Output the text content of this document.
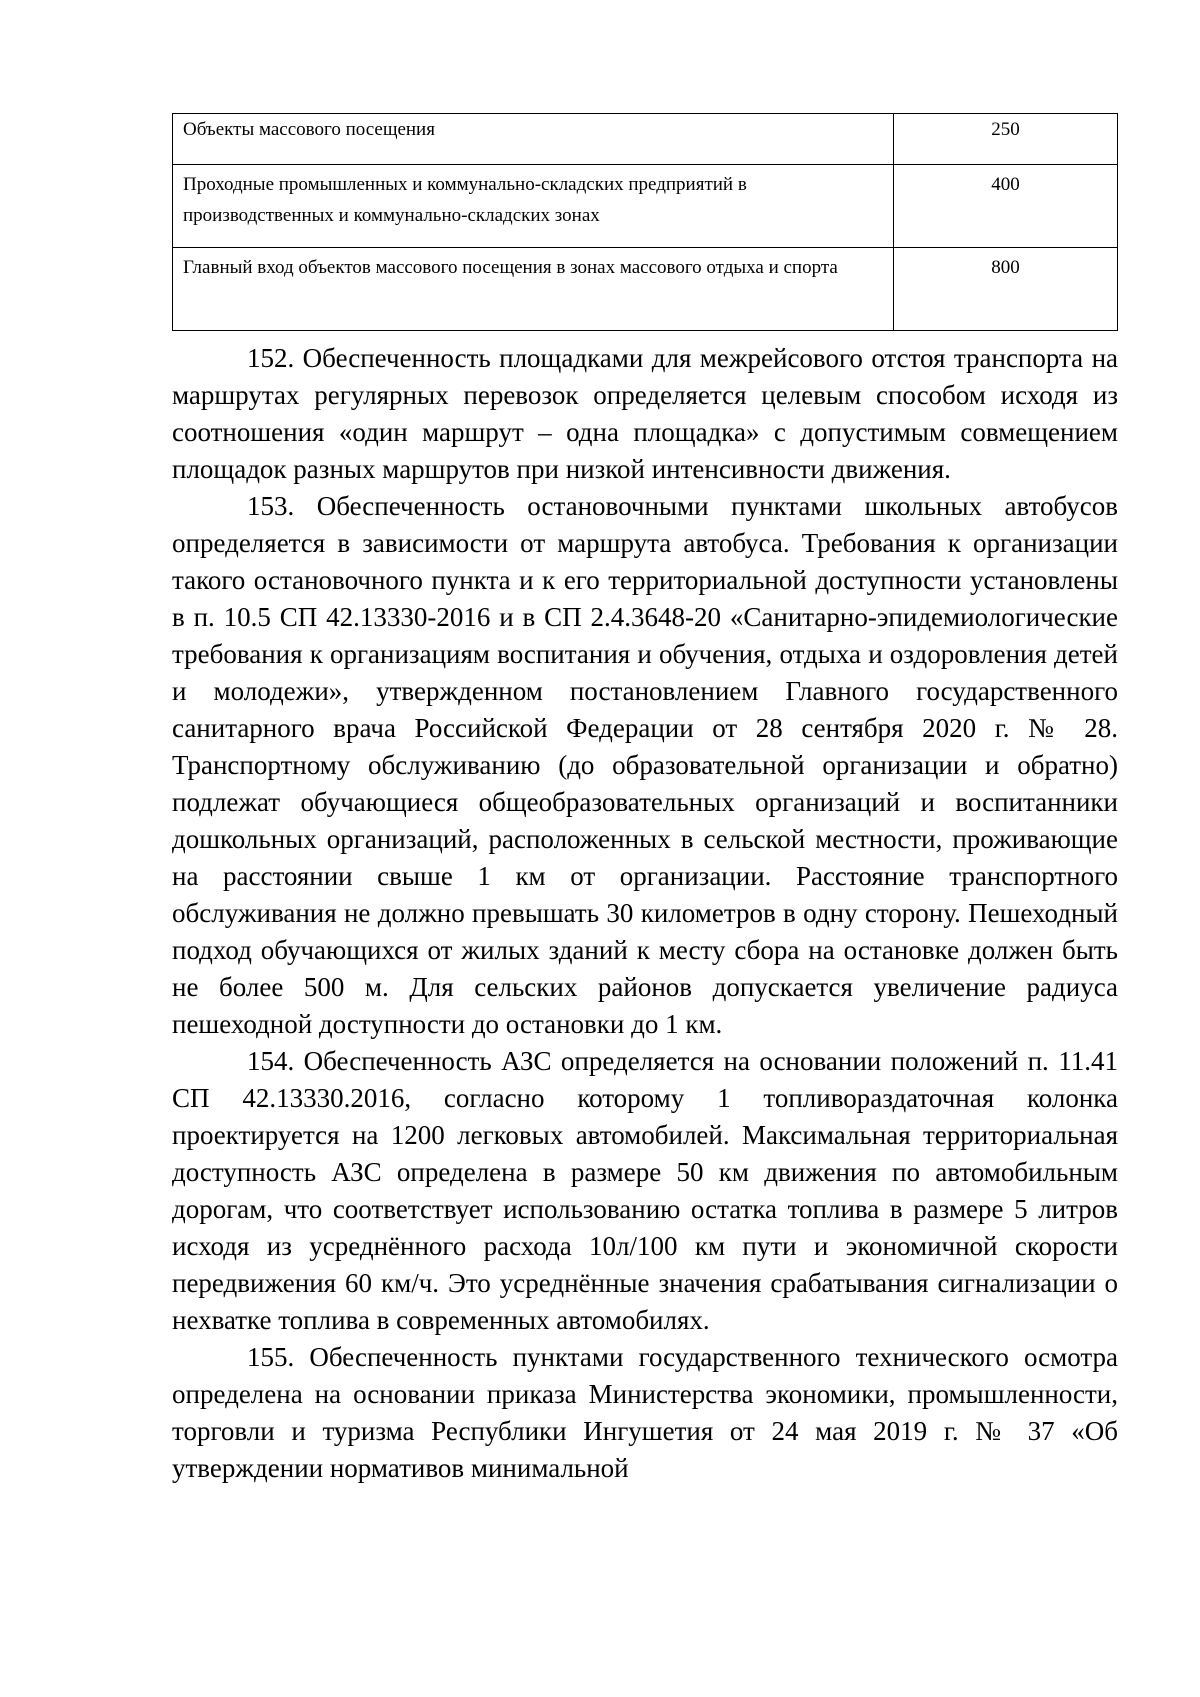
Объекты массового посещения	250
Проходные промышленных и коммунально-складских предприятий в производственных и коммунально-складских зонах	400
Главный вход объектов массового посещения в зонах массового отдыха и спорта	800

152. Обеспеченность площадками для межрейсового отстоя транспорта на маршрутах регулярных перевозок определяется целевым способом исходя из соотношения «один маршрут – одна площадка» с допустимым совмещением площадок разных маршрутов при низкой интенсивности движения.

153. Обеспеченность остановочными пунктами школьных автобусов определяется в зависимости от маршрута автобуса. Требования к организации такого остановочного пункта и к его территориальной доступности установлены в п. 10.5 СП 42.13330-2016 и в СП 2.4.3648-20 «Санитарно-эпидемиологические требования к организациям воспитания и обучения, отдыха и оздоровления детей и молодежи», утвержденном постановлением Главного государственного санитарного врача Российской Федерации от 28 сентября 2020 г. № 28. Транспортному обслуживанию (до образовательной организации и обратно) подлежат обучающиеся общеобразовательных организаций и воспитанники дошкольных организаций, расположенных в сельской местности, проживающие на расстоянии свыше 1 км от организации. Расстояние транспортного обслуживания не должно превышать 30 километров в одну сторону. Пешеходный подход обучающихся от жилых зданий к месту сбора на остановке должен быть не более 500 м. Для сельских районов допускается увеличение радиуса пешеходной доступности до остановки до 1 км.

154. Обеспеченность АЗС определяется на основании положений п. 11.41 СП 42.13330.2016, согласно которому 1 топливораздаточная колонка проектируется на 1200 легковых автомобилей. Максимальная территориальная доступность АЗС определена в размере 50 км движения по автомобильным дорогам, что соответствует использованию остатка топлива в размере 5 литров исходя из усреднённого расхода 10л/100 км пути и экономичной скорости передвижения 60 км/ч. Это усреднённые значения срабатывания сигнализации о нехватке топлива в современных автомобилях.

155. Обеспеченность пунктами государственного технического осмотра определена на основании приказа Министерства экономики, промышленности, торговли и туризма Республики Ингушетия от 24 мая 2019 г. № 37 «Об утверждении нормативов минимальной
